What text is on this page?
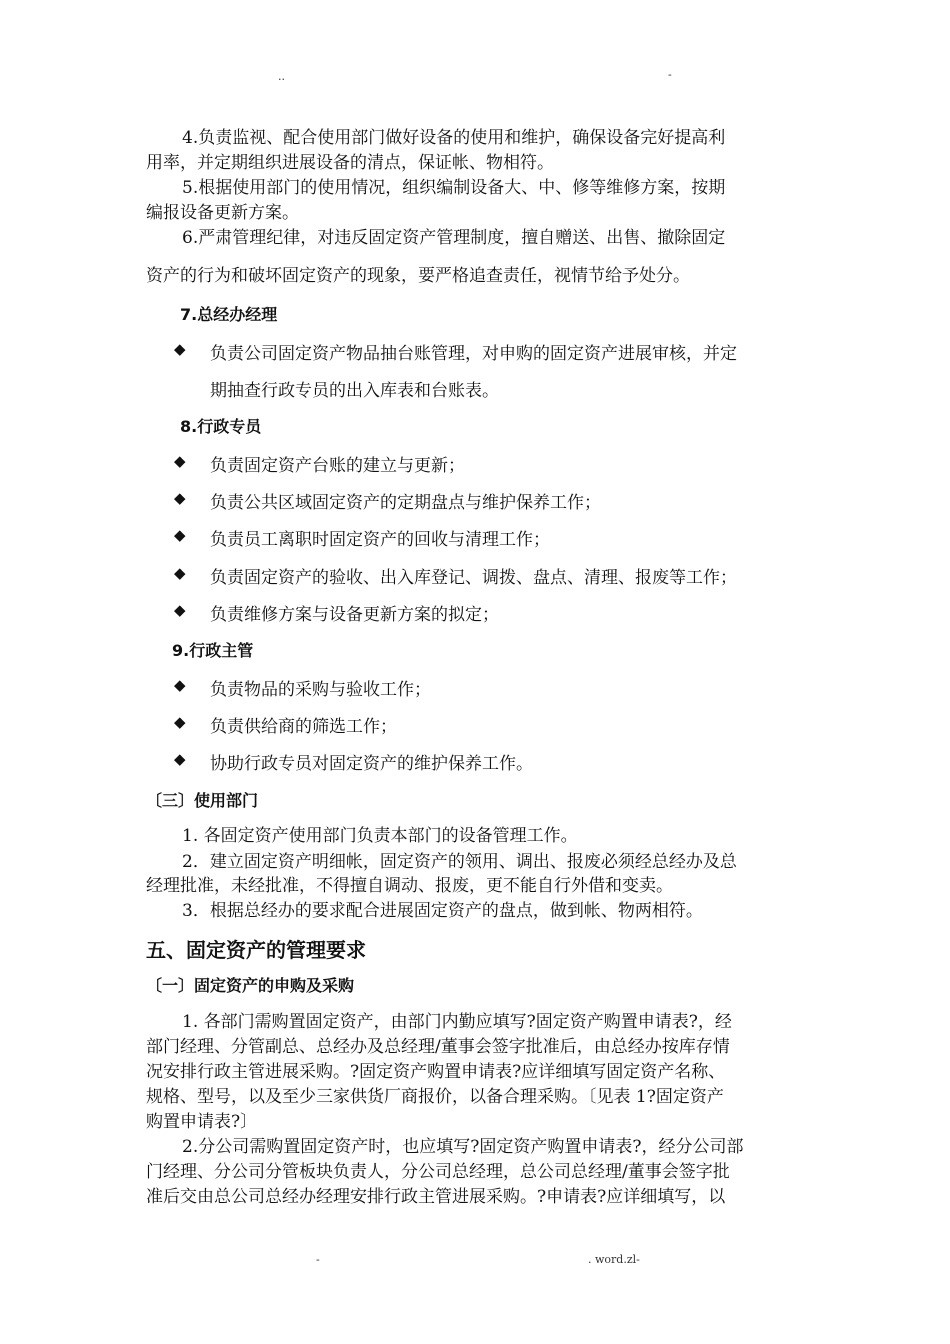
..	-
4.负责监视、配合使用部门做好设备的使用和维护，确保设备完好提高利
用率，并定期组织进展设备的清点，保证帐、物相符。
5.根据使用部门的使用情况，组织编制设备大、中、修等维修方案，按期
编报设备更新方案。
6.严肃管理纪律，对违反固定资产管理制度，擅自赠送、出售、撤除固定
资产的行为和破坏固定资产的现象，要严格追查责任，视情节给予处分。
7.总经办经理
◆ 负责公司固定资产物品抽台账管理，对申购的固定资产进展审核，并定
期抽查行政专员的出入库表和台账表。
8.行政专员
◆ 负责固定资产台账的建立与更新；
◆ 负责公共区域固定资产的定期盘点与维护保养工作；
◆ 负责员工离职时固定资产的回收与清理工作；
◆ 负责固定资产的验收、出入库登记、调拨、盘点、清理、报废等工作；
◆ 负责维修方案与设备更新方案的拟定；
9.行政主管
◆ 负责物品的采购与验收工作；
◆ 负责供给商的筛选工作；
◆ 协助行政专员对固定资产的维护保养工作。
〔三〕使用部门
1. 各固定资产使用部门负责本部门的设备管理工作。
2．建立固定资产明细帐，固定资产的领用、调出、报废必须经总经办及总
经理批准，未经批准，不得擅自调动、报废，更不能自行外借和变卖。
3．根据总经办的要求配合进展固定资产的盘点，做到帐、物两相符。
五、固定资产的管理要求
〔一〕固定资产的申购及采购
1. 各部门需购置固定资产，由部门内勤应填写?固定资产购置申请表?，经
部门经理、分管副总、总经办及总经理/董事会签字批准后，由总经办按库存情
况安排行政主管进展采购。?固定资产购置申请表?应详细填写固定资产名称、
规格、型号，以及至少三家供货厂商报价，以备合理采购。〔见表 1?固定资产
购置申请表?〕
2.分公司需购置固定资产时，也应填写?固定资产购置申请表?，经分公司部
门经理、分公司分管板块负责人，分公司总经理，总公司总经理/董事会签字批
准后交由总公司总经办经理安排行政主管进展采购。?申请表?应详细填写，以
-	. word.zl-
